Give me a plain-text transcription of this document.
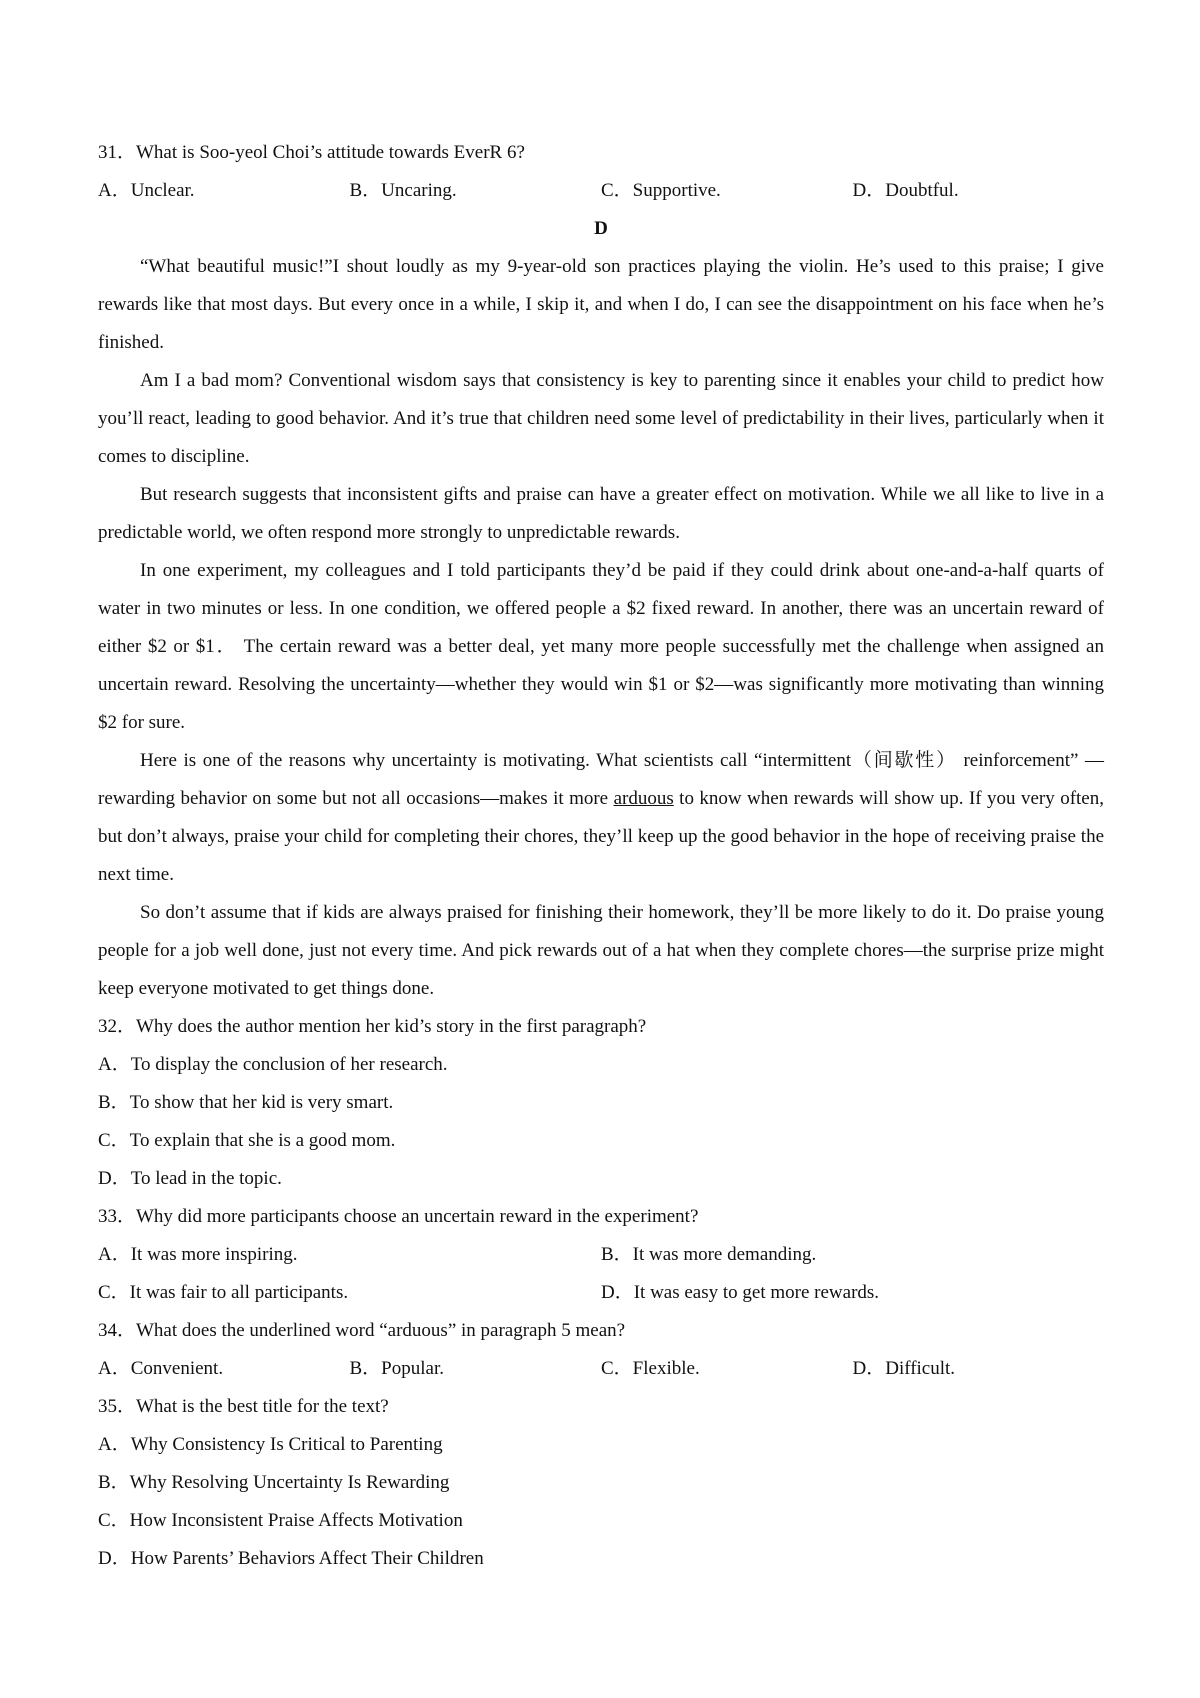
31．What is Soo-yeol Choi’s attitude towards EverR 6?
A．Unclear.	B．Uncaring.	C．Supportive.	D．Doubtful.
D

“What beautiful music!”I shout loudly as my 9-year-old son practices playing the violin. He’s used to this praise; I give rewards like that most days. But every once in a while, I skip it, and when I do, I can see the disappointment on his face when he’s finished.

Am I a bad mom? Conventional wisdom says that consistency is key to parenting since it enables your child to predict how you’ll react, leading to good behavior. And it’s true that children need some level of predictability in their lives, particularly when it comes to discipline.

But research suggests that inconsistent gifts and praise can have a greater effect on motivation. While we all like to live in a predictable world, we often respond more strongly to unpredictable rewards.

In one experiment, my colleagues and I told participants they’d be paid if they could drink about one-and-a-half quarts of water in two minutes or less. In one condition, we offered people a $2 fixed reward. In another, there was an uncertain reward of either $2 or $1． The certain reward was a better deal, yet many more people successfully met the challenge when assigned an uncertain reward. Resolving the uncertainty—whether they would win $1 or $2—was significantly more motivating than winning $2 for sure.

Here is one of the reasons why uncertainty is motivating. What scientists call “intermittent（间歇性） reinforcement” —rewarding behavior on some but not all occasions—makes it more arduous to know when rewards will show up. If you very often, but don’t always, praise your child for completing their chores, they’ll keep up the good behavior in the hope of receiving praise the next time.

So don’t assume that if kids are always praised for finishing their homework, they’ll be more likely to do it. Do praise young people for a job well done, just not every time. And pick rewards out of a hat when they complete chores—the surprise prize might keep everyone motivated to get things done.

32．Why does the author mention her kid’s story in the first paragraph?
A．To display the conclusion of her research.
B．To show that her kid is very smart.
C．To explain that she is a good mom.
D．To lead in the topic.
33．Why did more participants choose an uncertain reward in the experiment?
A．It was more inspiring.	B．It was more demanding.
C．It was fair to all participants.	D．It was easy to get more rewards.
34．What does the underlined word “arduous” in paragraph 5 mean?
A．Convenient.	B．Popular.	C．Flexible.	D．Difficult.
35．What is the best title for the text?
A．Why Consistency Is Critical to Parenting
B．Why Resolving Uncertainty Is Rewarding
C．How Inconsistent Praise Affects Motivation
D．How Parents’ Behaviors Affect Their Children
